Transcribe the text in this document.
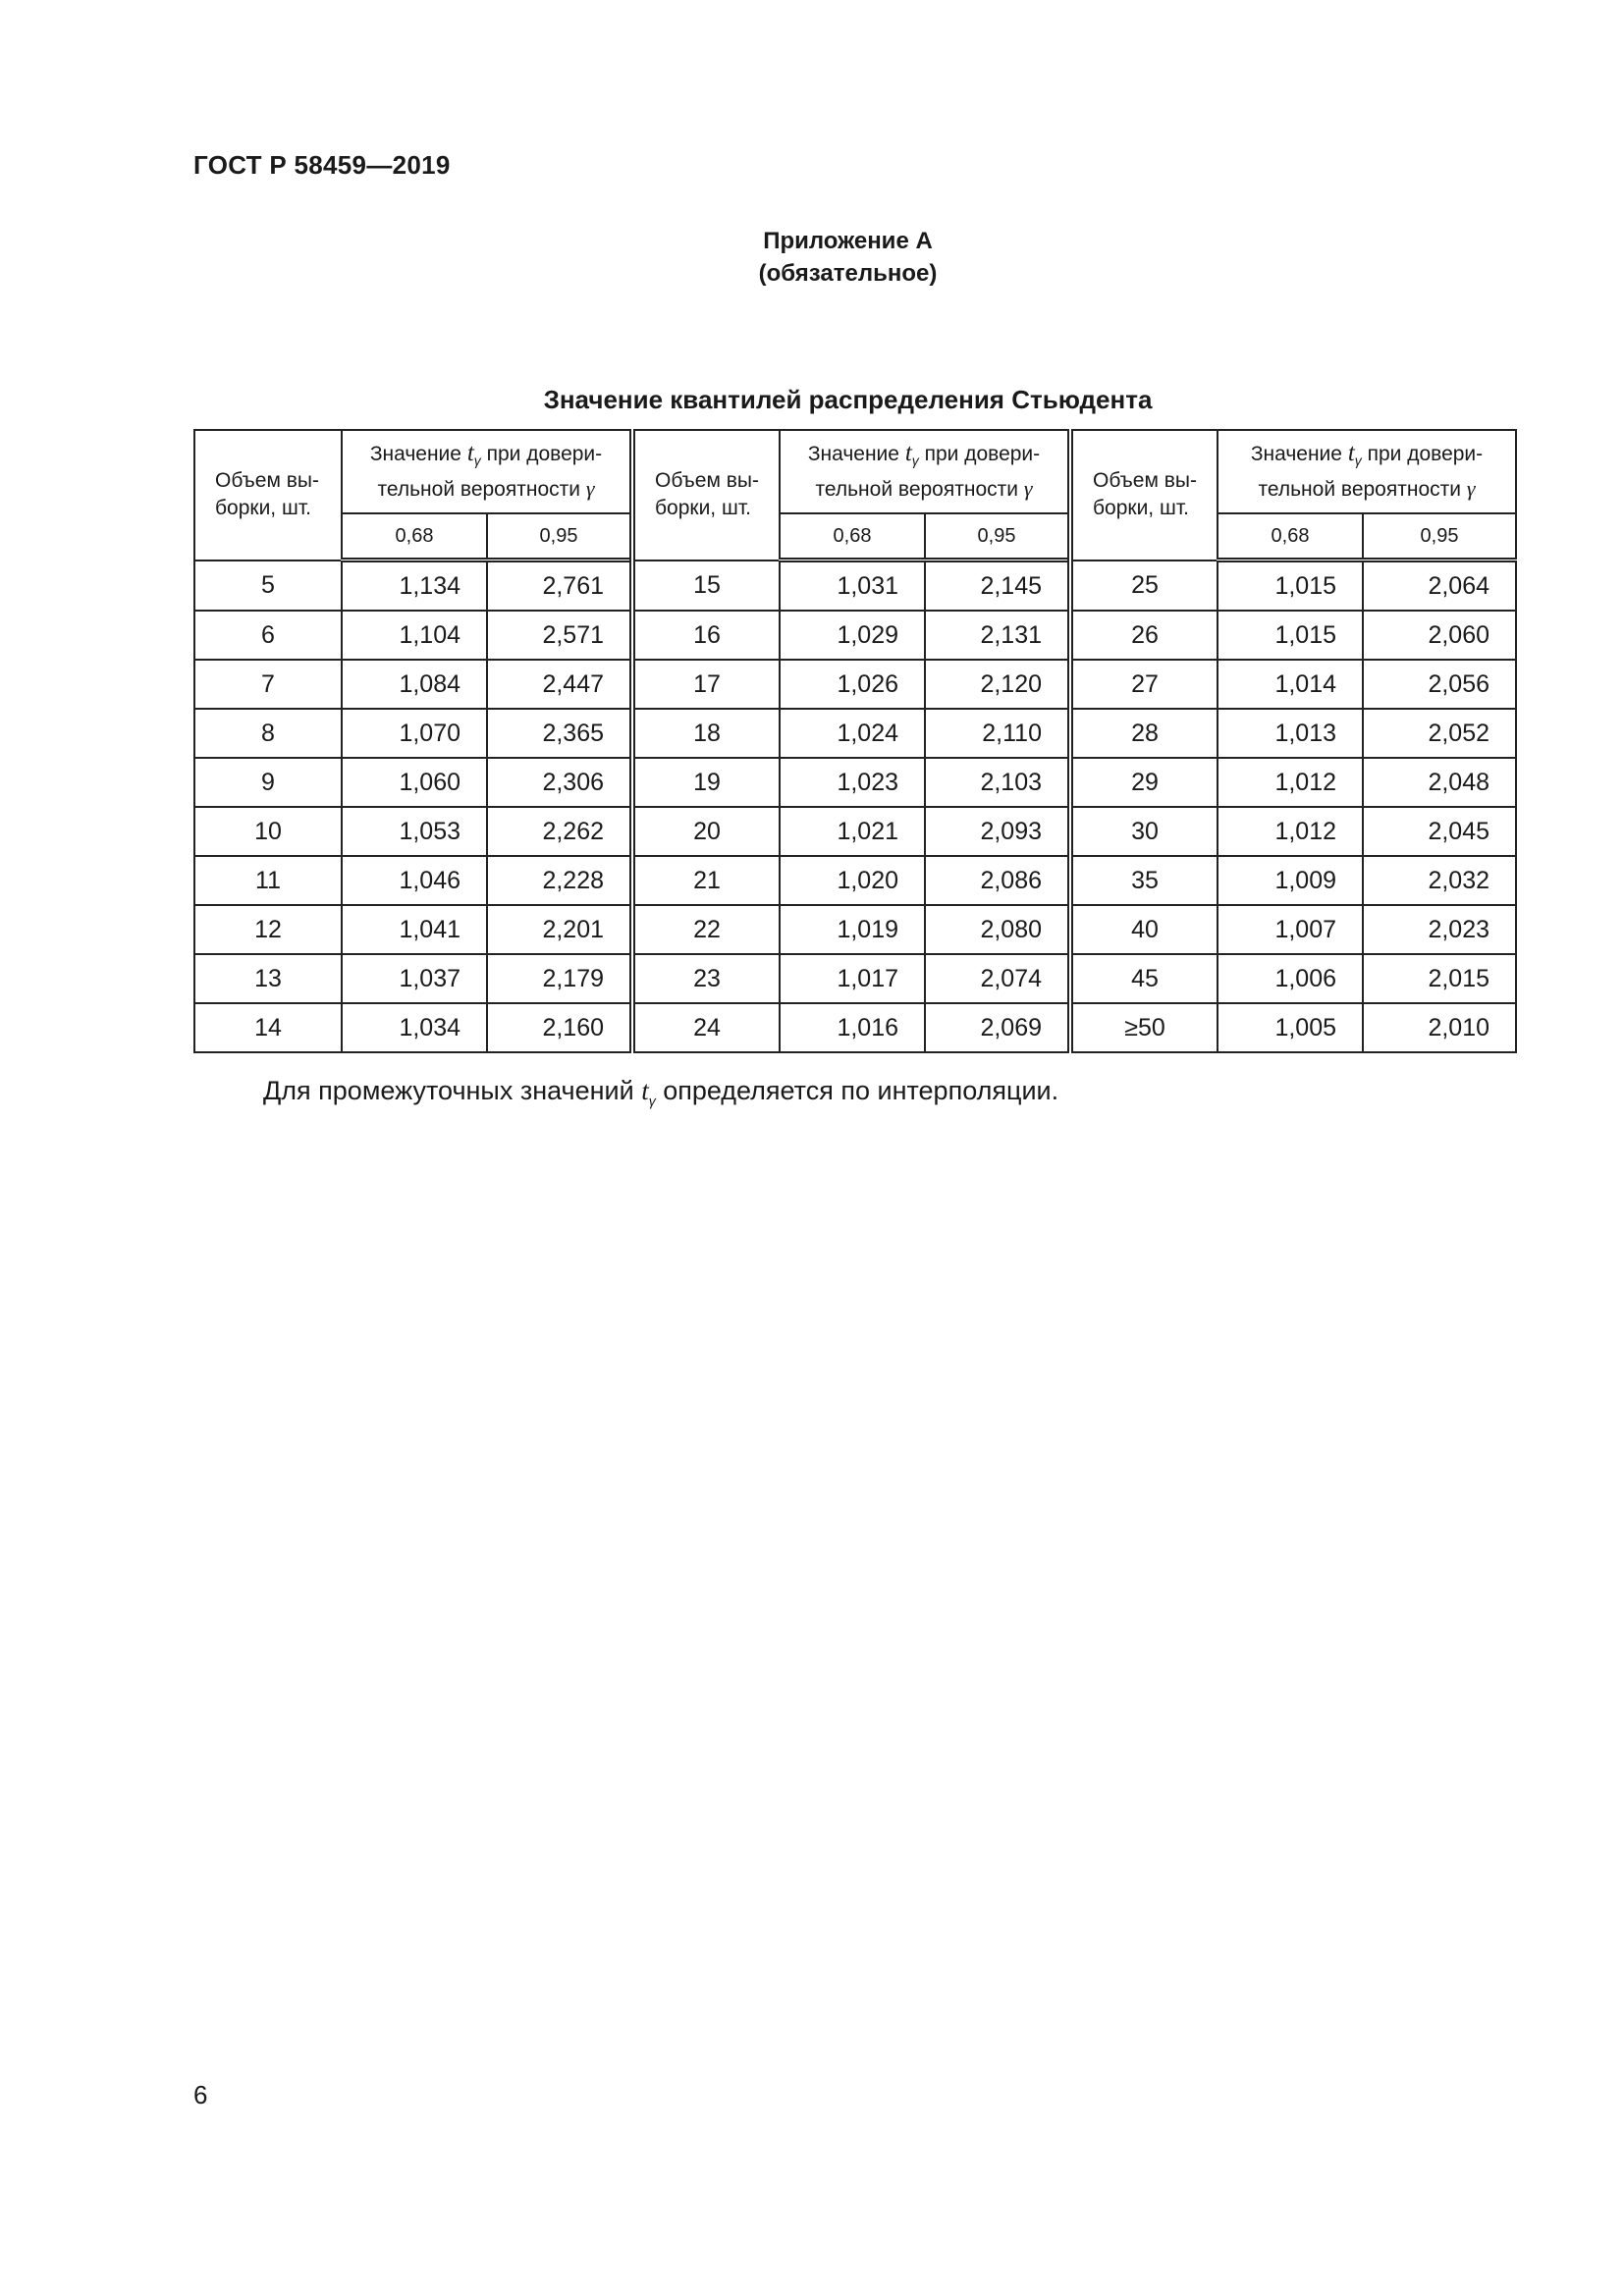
ГОСТ Р 58459—2019
Приложение А
(обязательное)
Значение квантилей распределения Стьюдента
Объем вы-
борки, шт.	Значение $t_\gamma$ при довери-
тельной вероятности γ		Объем вы-
борки, шт.	Значение $t_\gamma$ при довери-
тельной вероятности γ		Объем вы-
борки, шт.	Значение $t_\gamma$ при довери-
тельной вероятности γ	
	0,68	0,95		0,68	0,95		0,68	0,95
5	1,134	2,761	15	1,031	2,145	25	1,015	2,064
6	1,104	2,571	16	1,029	2,131	26	1,015	2,060
7	1,084	2,447	17	1,026	2,120	27	1,014	2,056
8	1,070	2,365	18	1,024	2,110	28	1,013	2,052
9	1,060	2,306	19	1,023	2,103	29	1,012	2,048
10	1,053	2,262	20	1,021	2,093	30	1,012	2,045
11	1,046	2,228	21	1,020	2,086	35	1,009	2,032
12	1,041	2,201	22	1,019	2,080	40	1,007	2,023
13	1,037	2,179	23	1,017	2,074	45	1,006	2,015
14	1,034	2,160	24	1,016	2,069	≥50	1,005	2,010
Для промежуточных значений $t_\gamma$ определяется по интерполяции.
6
